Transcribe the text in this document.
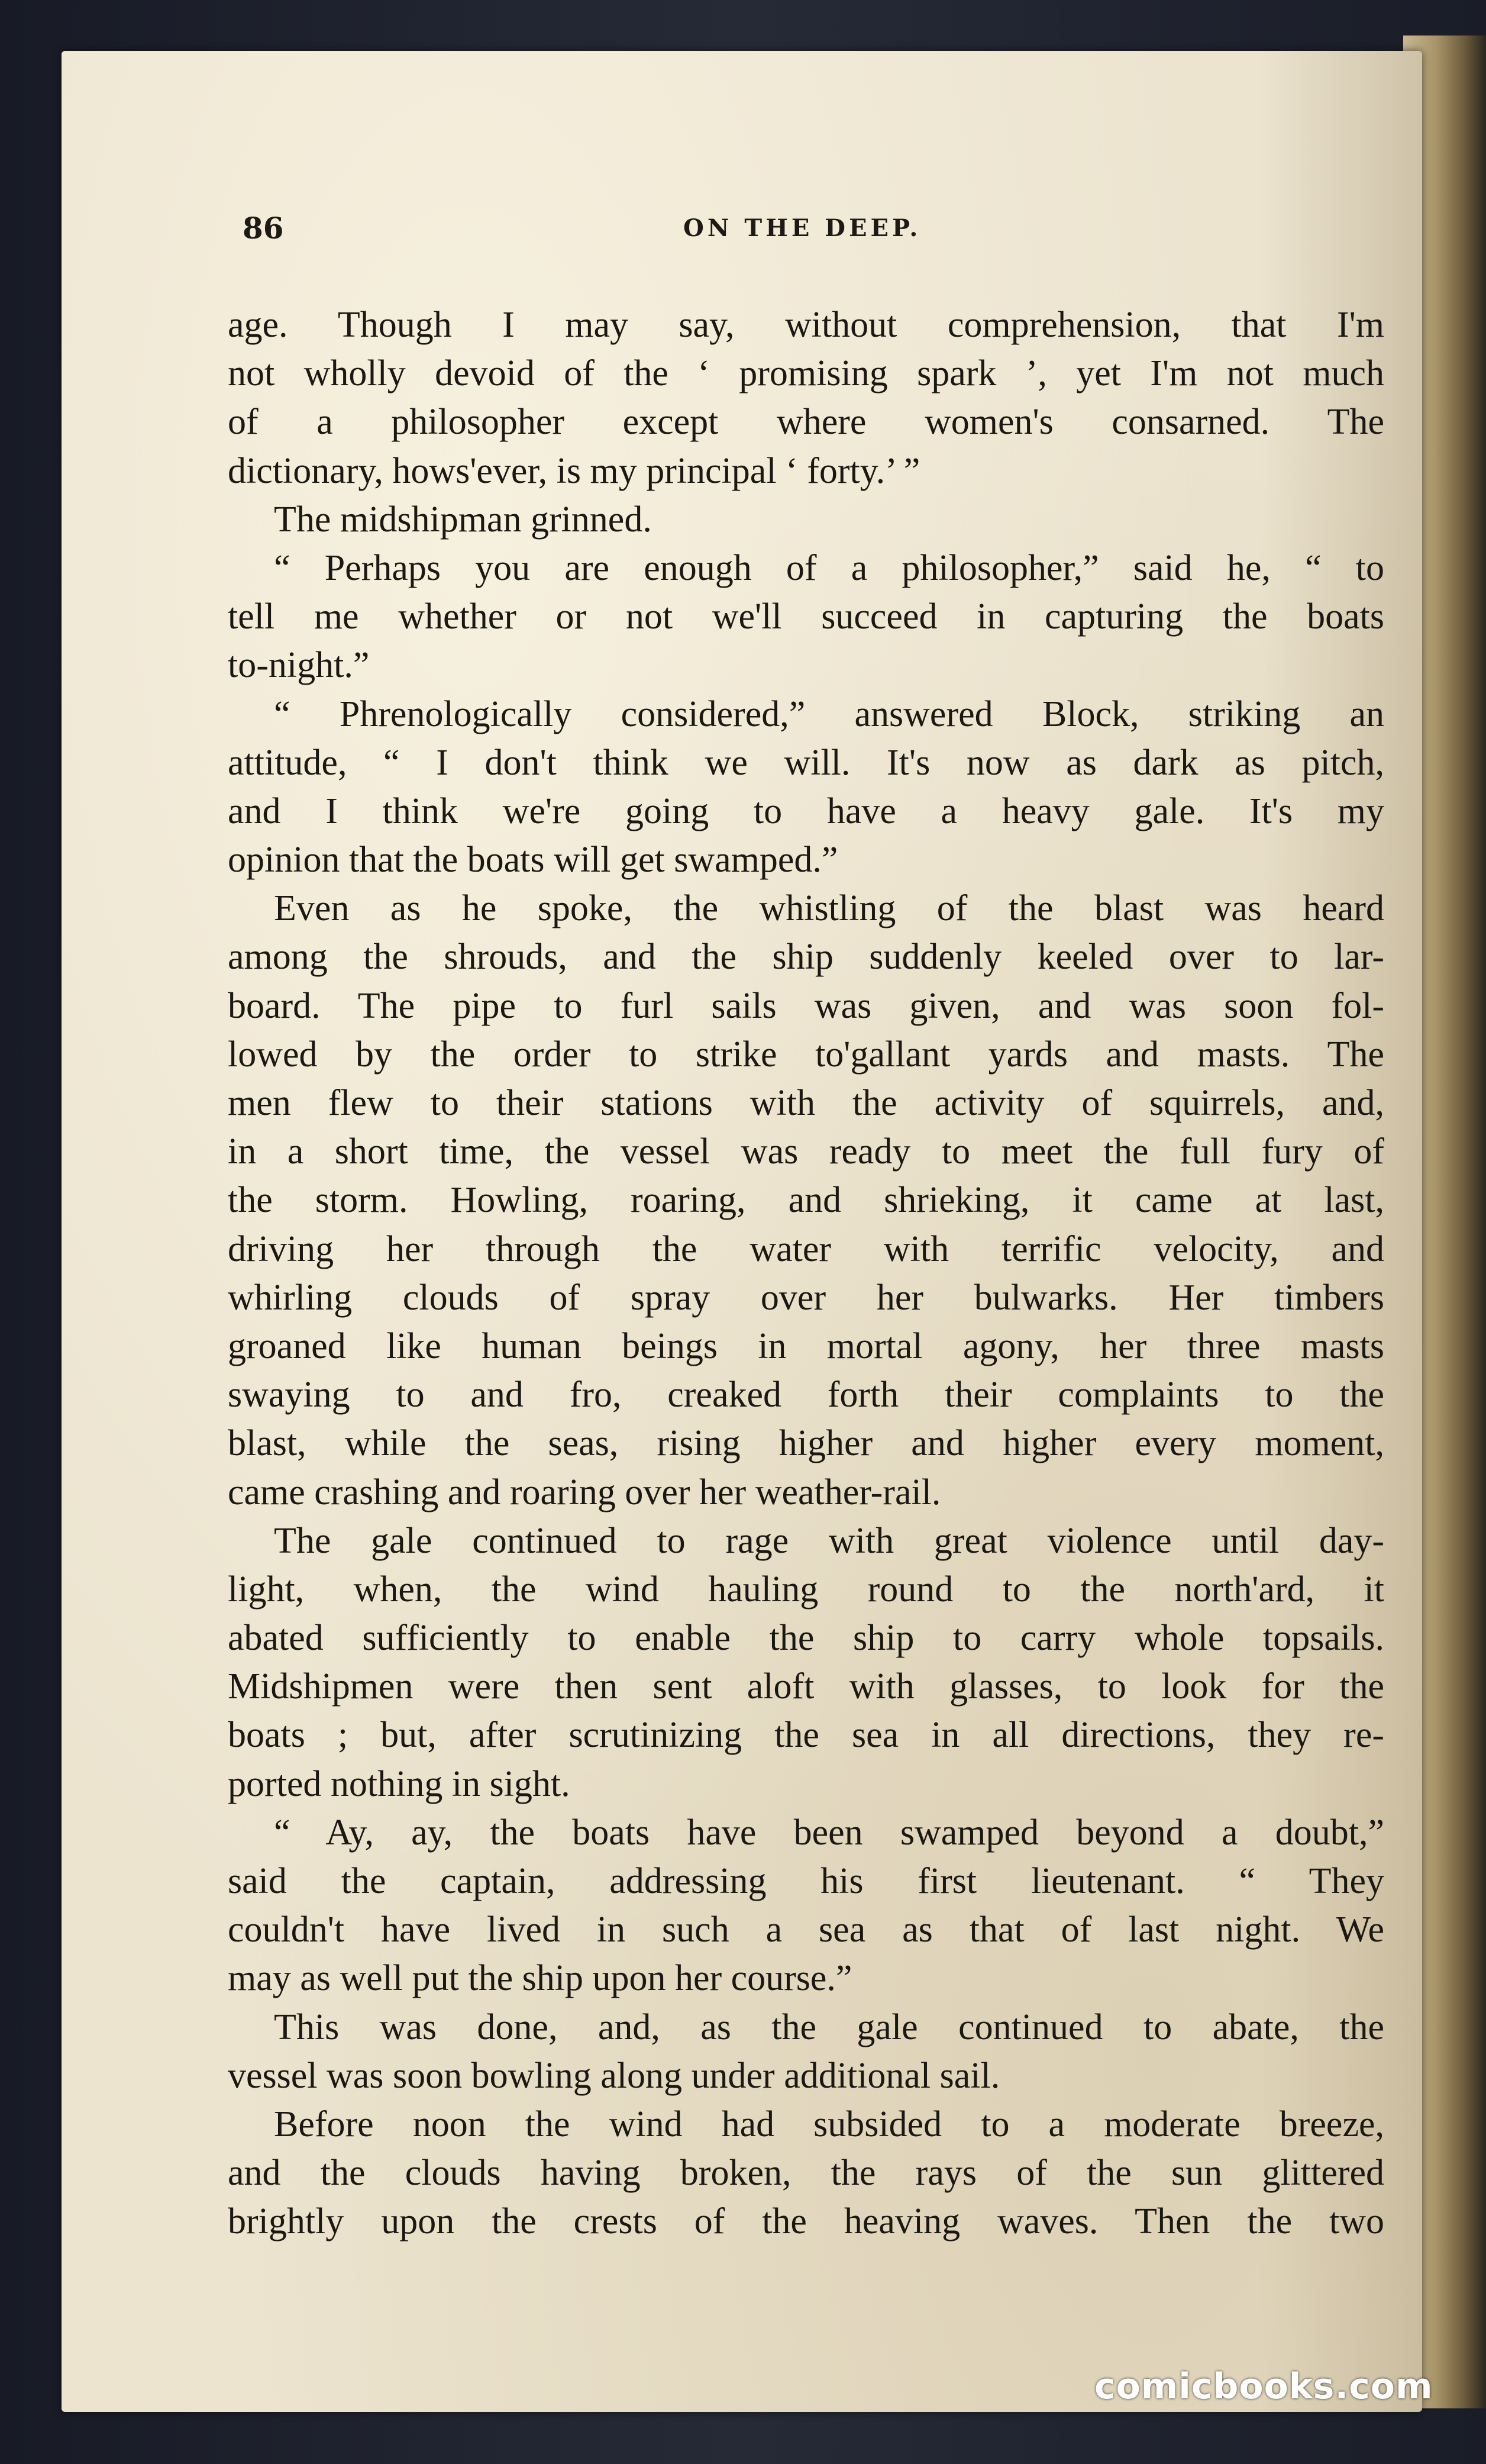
86	ON THE DEEP.
age. Though I may say, without comprehension, that I'm
not wholly devoid of the ‘ promising spark ’, yet I'm not much
of a philosopher except where women's consarned. The
dictionary, hows'ever, is my principal ‘ forty.’ ”
The midshipman grinned.
“ Perhaps you are enough of a philosopher,” said he, “ to
tell me whether or not we'll succeed in capturing the boats
to-night.”
“ Phrenologically considered,” answered Block, striking an
attitude, “ I don't think we will. It's now as dark as pitch,
and I think we're going to have a heavy gale. It's my
opinion that the boats will get swamped.”
Even as he spoke, the whistling of the blast was heard
among the shrouds, and the ship suddenly keeled over to lar-
board. The pipe to furl sails was given, and was soon fol-
lowed by the order to strike to'gallant yards and masts. The
men flew to their stations with the activity of squirrels, and,
in a short time, the vessel was ready to meet the full fury of
the storm. Howling, roaring, and shrieking, it came at last,
driving her through the water with terrific velocity, and
whirling clouds of spray over her bulwarks. Her timbers
groaned like human beings in mortal agony, her three masts
swaying to and fro, creaked forth their complaints to the
blast, while the seas, rising higher and higher every moment,
came crashing and roaring over her weather-rail.
The gale continued to rage with great violence until day-
light, when, the wind hauling round to the north'ard, it
abated sufficiently to enable the ship to carry whole topsails.
Midshipmen were then sent aloft with glasses, to look for the
boats ; but, after scrutinizing the sea in all directions, they re-
ported nothing in sight.
“ Ay, ay, the boats have been swamped beyond a doubt,”
said the captain, addressing his first lieutenant. “ They
couldn't have lived in such a sea as that of last night. We
may as well put the ship upon her course.”
This was done, and, as the gale continued to abate, the
vessel was soon bowling along under additional sail.
Before noon the wind had subsided to a moderate breeze,
and the clouds having broken, the rays of the sun glittered
brightly upon the crests of the heaving waves. Then the two
comicbooks.com
